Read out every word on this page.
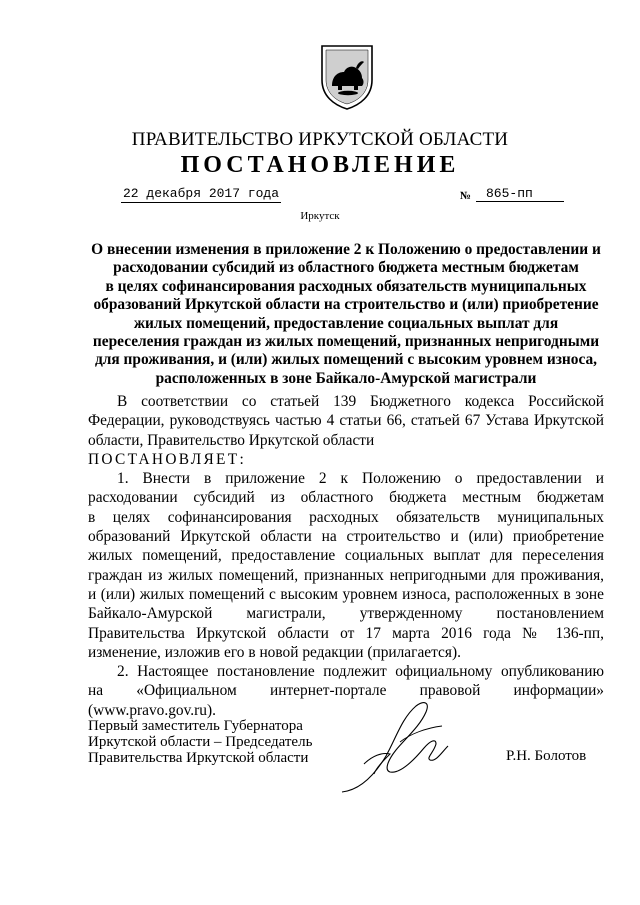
ПРАВИТЕЛЬСТВО ИРКУТСКОЙ ОБЛАСТИ
ПОСТАНОВЛЕНИЕ
22 декабря 2017 года	№	865-пп
Иркутск
О внесении изменения в приложение 2 к Положению о предоставлении и
расходовании субсидий из областного бюджета местным бюджетам
в целях софинансирования расходных обязательств муниципальных
образований Иркутской области на строительство и (или) приобретение
жилых помещений, предоставление социальных выплат для
переселения граждан из жилых помещений, признанных непригодными
для проживания, и (или) жилых помещений с высоким уровнем износа,
расположенных в зоне Байкало-Амурской магистрали
В соответствии со статьей 139 Бюджетного кодекса Российской
Федерации, руководствуясь частью 4 статьи 66, статьей 67 Устава Иркутской
области, Правительство Иркутской области
ПОСТАНОВЛЯЕТ:
1. Внести в приложение 2 к Положению о предоставлении и
расходовании субсидий из областного бюджета местным бюджетам
в целях софинансирования расходных обязательств муниципальных
образований Иркутской области на строительство и (или) приобретение
жилых помещений, предоставление социальных выплат для переселения
граждан из жилых помещений, признанных непригодными для проживания,
и (или) жилых помещений с высоким уровнем износа, расположенных в зоне
Байкало-Амурской магистрали, утвержденному постановлением
Правительства Иркутской области от 17 марта 2016 года № 136-пп,
изменение, изложив его в новой редакции (прилагается).
2. Настоящее постановление подлежит официальному опубликованию
на «Официальном интернет-портале правовой информации»
(www.pravo.gov.ru).
Первый заместитель Губернатора
Иркутской области – Председатель
Правительства Иркутской области	Р.Н. Болотов
